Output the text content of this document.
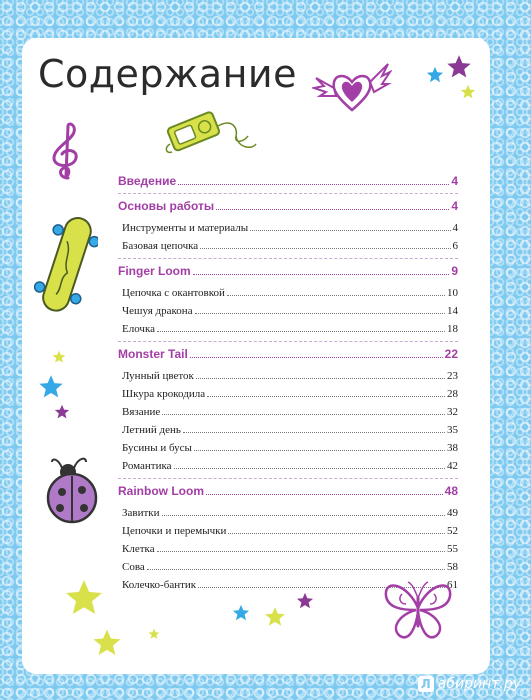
Содержание
Введение	4
Основы работы	4
Инструменты и материалы	4
Базовая цепочка	6
Finger Loom	9
Цепочка с окантовкой	10
Чешуя дракона	14
Елочка	18
Monster Tail	22
Лунный цветок	23
Шкура крокодила	28
Вязание	32
Летний день	35
Бусины и бусы	38
Романтика	42
Rainbow Loom	48
Завитки	49
Цепочки и перемычки	52
Клетка	55
Сова	58
Колечко-бантик	61
Л абиринт.ру
